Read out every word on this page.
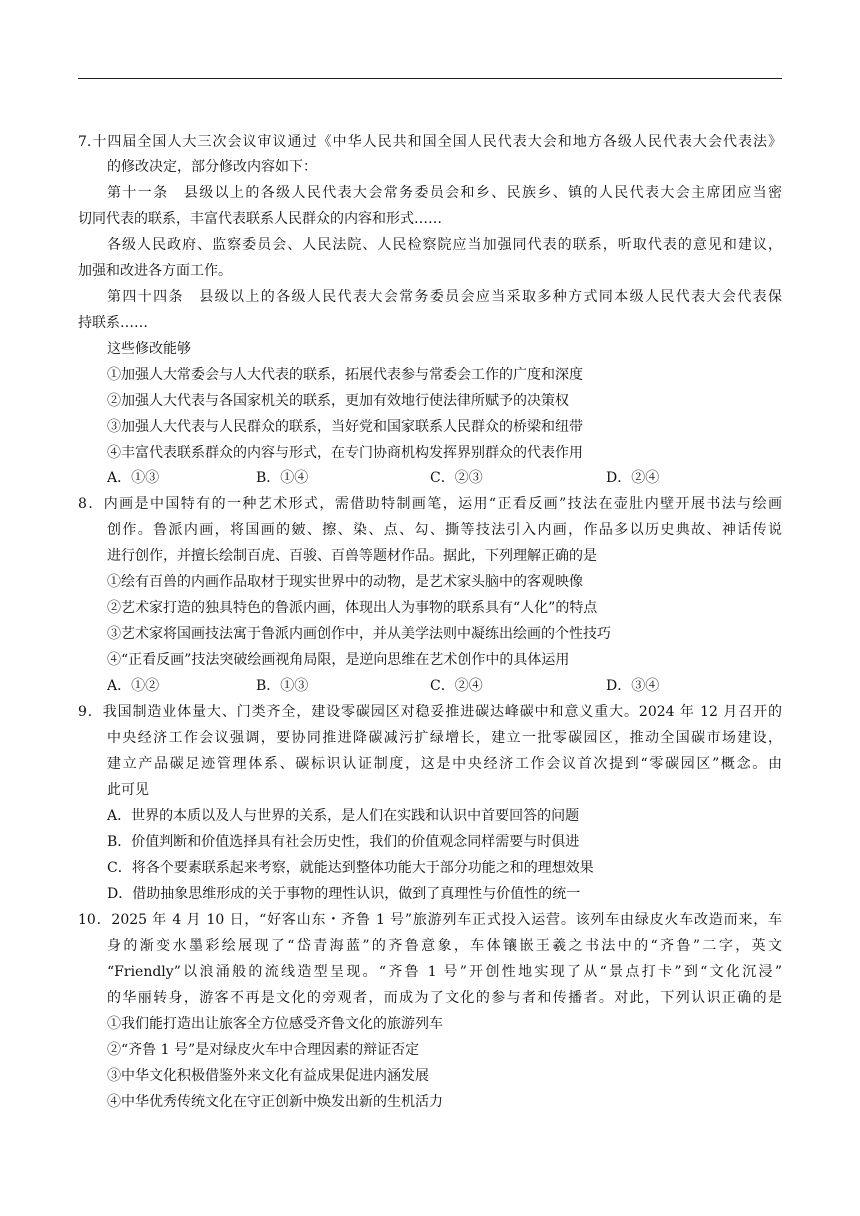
7.十四届全国人大三次会议审议通过《中华人民共和国全国人民代表大会和地方各级人民代表大会代表法》
的修改决定，部分修改内容如下：
第十一条　县级以上的各级人民代表大会常务委员会和乡、民族乡、镇的人民代表大会主席团应当密
切同代表的联系，丰富代表联系人民群众的内容和形式……
各级人民政府、监察委员会、人民法院、人民检察院应当加强同代表的联系，听取代表的意见和建议，
加强和改进各方面工作。
第四十四条　县级以上的各级人民代表大会常务委员会应当采取多种方式同本级人民代表大会代表保
持联系……
这些修改能够
①加强人大常委会与人大代表的联系，拓展代表参与常委会工作的广度和深度
②加强人大代表与各国家机关的联系，更加有效地行使法律所赋予的决策权
③加强人大代表与人民群众的联系，当好党和国家联系人民群众的桥梁和纽带
④丰富代表联系群众的内容与形式，在专门协商机构发挥界别群众的代表作用
A．①③	B．①④	C．②③	D．②④
8．内画是中国特有的一种艺术形式，需借助特制画笔，运用“正看反画”技法在壶肚内壁开展书法与绘画
创作。鲁派内画，将国画的皴、擦、染、点、勾、撕等技法引入内画，作品多以历史典故、神话传说
进行创作，并擅长绘制百虎、百骏、百兽等题材作品。据此，下列理解正确的是
①绘有百兽的内画作品取材于现实世界中的动物，是艺术家头脑中的客观映像
②艺术家打造的独具特色的鲁派内画，体现出人为事物的联系具有“人化”的特点
③艺术家将国画技法寓于鲁派内画创作中，并从美学法则中凝练出绘画的个性技巧
④“正看反画”技法突破绘画视角局限，是逆向思维在艺术创作中的具体运用
A．①②	B．①③	C．②④	D．③④
9．我国制造业体量大、门类齐全，建设零碳园区对稳妥推进碳达峰碳中和意义重大。2024 年 12 月召开的
中央经济工作会议强调，要协同推进降碳减污扩绿增长，建立一批零碳园区，推动全国碳市场建设，
建立产品碳足迹管理体系、碳标识认证制度，这是中央经济工作会议首次提到“零碳园区”概念。由
此可见
A．世界的本质以及人与世界的关系，是人们在实践和认识中首要回答的问题
B．价值判断和价值选择具有社会历史性，我们的价值观念同样需要与时俱进
C．将各个要素联系起来考察，就能达到整体功能大于部分功能之和的理想效果
D．借助抽象思维形成的关于事物的理性认识，做到了真理性与价值性的统一
10．2025 年 4 月 10 日，“好客山东・齐鲁 1 号”旅游列车正式投入运营。该列车由绿皮火车改造而来，车
身的渐变水墨彩绘展现了“岱青海蓝”的齐鲁意象，车体镶嵌王羲之书法中的“齐鲁”二字，英文
“Friendly”以浪涌般的流线造型呈现。“齐鲁 1 号”开创性地实现了从“景点打卡”到“文化沉浸”
的华丽转身，游客不再是文化的旁观者，而成为了文化的参与者和传播者。对此，下列认识正确的是
①我们能打造出让旅客全方位感受齐鲁文化的旅游列车
②“齐鲁 1 号”是对绿皮火车中合理因素的辩证否定
③中华文化积极借鉴外来文化有益成果促进内涵发展
④中华优秀传统文化在守正创新中焕发出新的生机活力
